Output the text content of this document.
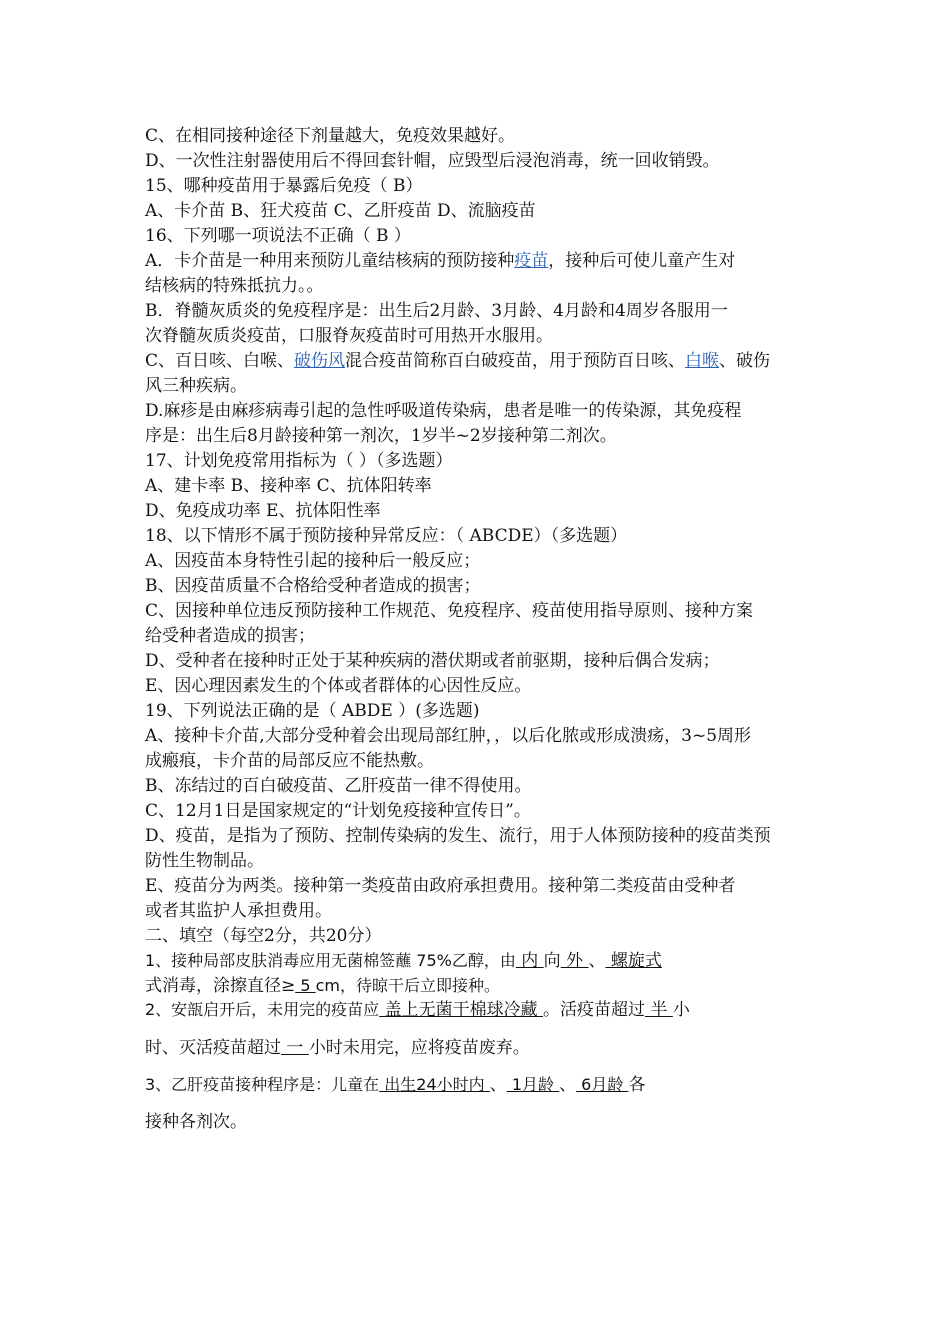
C、在相同接种途径下剂量越大，免疫效果越好。
D、一次性注射器使用后不得回套针帽，应毁型后浸泡消毒，统一回收销毁。
15、哪种疫苗用于暴露后免疫（ B）
A、卡介苗 B、狂犬疫苗 C、乙肝疫苗 D、流脑疫苗
16、下列哪一项说法不正确（ B ）
A．卡介苗是一种用来预防儿童结核病的预防接种疫苗，接种后可使儿童产生对
结核病的特殊抵抗力。。
B．脊髓灰质炎的免疫程序是：出生后2月龄、3月龄、4月龄和4周岁各服用一
次脊髓灰质炎疫苗，口服脊灰疫苗时可用热开水服用。
C、百日咳、白喉、破伤风混合疫苗简称百白破疫苗，用于预防百日咳、白喉、破伤
风三种疾病。
D.麻疹是由麻疹病毒引起的急性呼吸道传染病，患者是唯一的传染源，其免疫程
序是：出生后8月龄接种第一剂次，1岁半~2岁接种第二剂次。
17、计划免疫常用指标为（ ）（多选题）
A、建卡率 B、接种率 C、抗体阳转率
D、免疫成功率 E、抗体阳性率
18、以下情形不属于预防接种异常反应：（ ABCDE）（多选题）
A、因疫苗本身特性引起的接种后一般反应；
B、因疫苗质量不合格给受种者造成的损害；
C、因接种单位违反预防接种工作规范、免疫程序、疫苗使用指导原则、接种方案
给受种者造成的损害；
D、受种者在接种时正处于某种疾病的潜伏期或者前驱期，接种后偶合发病；
E、因心理因素发生的个体或者群体的心因性反应。
19、下列说法正确的是（ ABDE ）(多选题)
A、接种卡介苗,大部分受种着会出现局部红肿，，以后化脓或形成溃疡，3~5周形
成瘢痕，卡介苗的局部反应不能热敷。
B、冻结过的百白破疫苗、乙肝疫苗一律不得使用。
C、12月1日是国家规定的“计划免疫接种宣传日”。
D、疫苗，是指为了预防、控制传染病的发生、流行，用于人体预防接种的疫苗类预
防性生物制品。
E、疫苗分为两类。接种第一类疫苗由政府承担费用。接种第二类疫苗由受种者
或者其监护人承担费用。
二、填空（每空2分，共20分）
1、接种局部皮肤消毒应用无菌棉签蘸 75%乙醇，由 内 向 外 、 螺旋式
式消毒，涂擦直径≥ 5 cm，待晾干后立即接种。
2、安瓿启开后，未用完的疫苗应 盖上无菌干棉球冷藏 。活疫苗超过 半 小
时、灭活疫苗超过 一 小时未用完，应将疫苗废弃。
3、乙肝疫苗接种程序是：儿童在 出生24小时内 、 1月龄 、 6月龄 各
接种各剂次。
